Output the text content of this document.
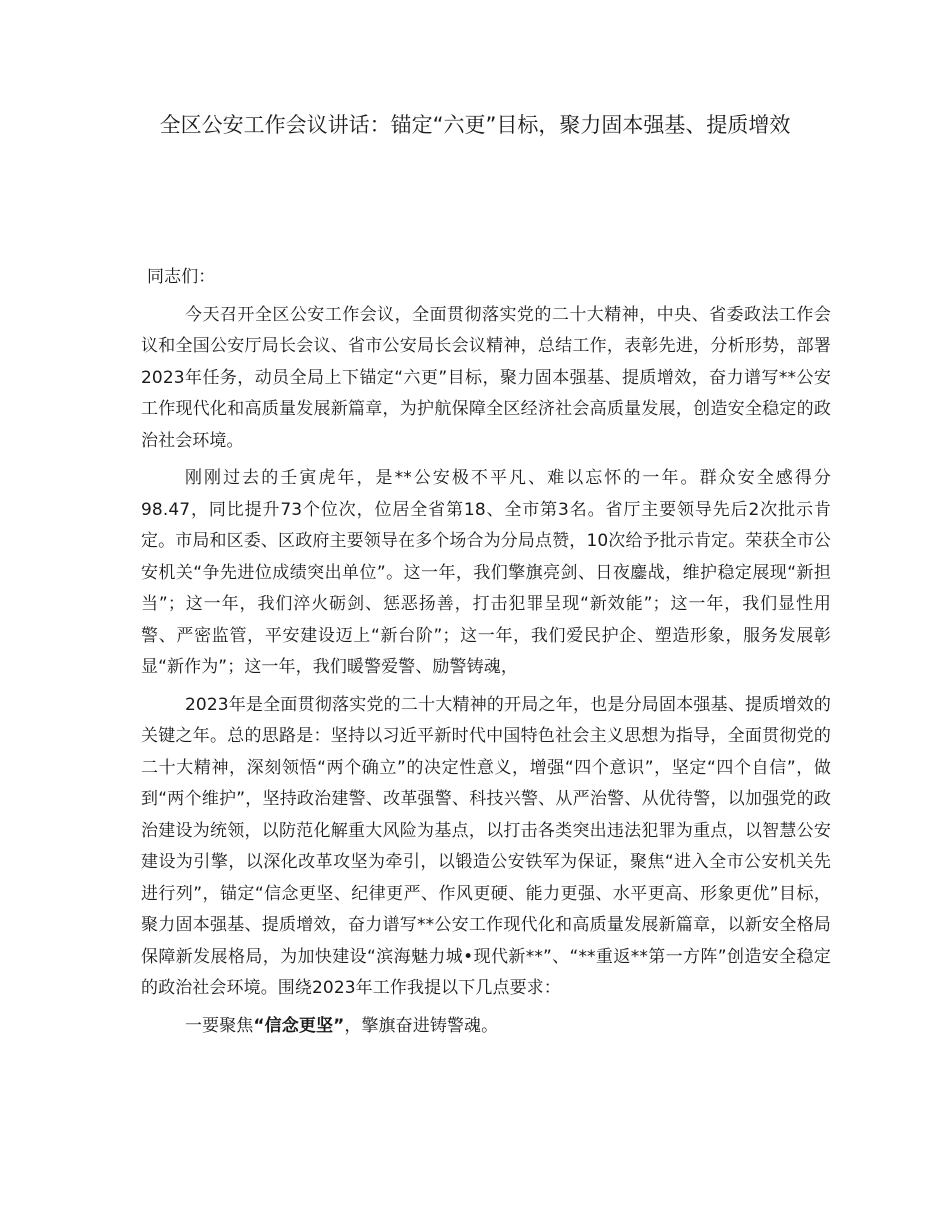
全区公安工作会议讲话：锚定“六更”目标，聚力固本强基、提质增效

同志们：

今天召开全区公安工作会议，全面贯彻落实党的二十大精神，中央、省委政法工作会议和全国公安厅局长会议、省市公安局长会议精神，总结工作，表彰先进，分析形势，部署2023年任务，动员全局上下锚定“六更”目标，聚力固本强基、提质增效，奋力谱写**公安工作现代化和高质量发展新篇章，为护航保障全区经济社会高质量发展，创造安全稳定的政治社会环境。

刚刚过去的壬寅虎年，是**公安极不平凡、难以忘怀的一年。群众安全感得分98.47，同比提升73个位次，位居全省第18、全市第3名。省厅主要领导先后2次批示肯定。市局和区委、区政府主要领导在多个场合为分局点赞，10次给予批示肯定。荣获全市公安机关“争先进位成绩突出单位”。这一年，我们擎旗亮剑、日夜鏖战，维护稳定展现“新担当”；这一年，我们淬火砺剑、惩恶扬善，打击犯罪呈现“新效能”；这一年，我们显性用警、严密监管，平安建设迈上“新台阶”；这一年，我们爱民护企、塑造形象，服务发展彰显“新作为”；这一年，我们暖警爱警、励警铸魂，

2023年是全面贯彻落实党的二十大精神的开局之年，也是分局固本强基、提质增效的关键之年。总的思路是：坚持以习近平新时代中国特色社会主义思想为指导，全面贯彻党的二十大精神，深刻领悟“两个确立”的决定性意义，增强“四个意识”，坚定“四个自信”，做到“两个维护”，坚持政治建警、改革强警、科技兴警、从严治警、从优待警，以加强党的政治建设为统领，以防范化解重大风险为基点，以打击各类突出违法犯罪为重点，以智慧公安建设为引擎，以深化改革攻坚为牵引，以锻造公安铁军为保证，聚焦“进入全市公安机关先进行列”，锚定“信念更坚、纪律更严、作风更硬、能力更强、水平更高、形象更优”目标，聚力固本强基、提质增效，奋力谱写**公安工作现代化和高质量发展新篇章，以新安全格局保障新发展格局，为加快建设“滨海魅力城•现代新**”、“**重返**第一方阵”创造安全稳定的政治社会环境。围绕2023年工作我提以下几点要求：

一要聚焦“信念更坚”，擎旗奋进铸警魂。
